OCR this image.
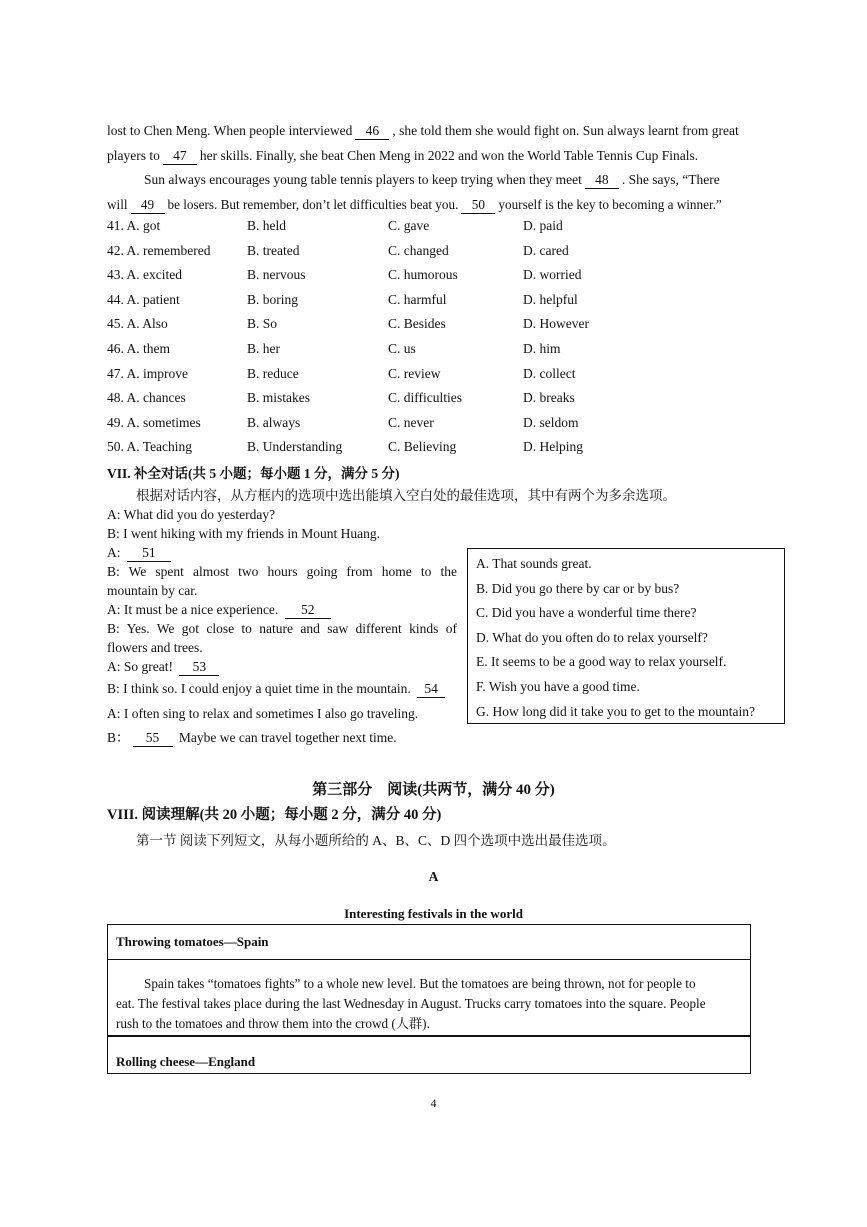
lost to Chen Meng. When people interviewed 46 , she told them she would fight on. Sun always learnt from great
players to 47 her skills. Finally, she beat Chen Meng in 2022 and won the World Table Tennis Cup Finals.
Sun always encourages young table tennis players to keep trying when they meet 48 . She says, “There
will 49 be losers. But remember, don’t let difficulties beat you. 50 yourself is the key to becoming a winner.”
41. A. got	B. held	C. gave	D. paid
42. A. remembered	B. treated	C. changed	D. cared
43. A. excited	B. nervous	C. humorous	D. worried
44. A. patient	B. boring	C. harmful	D. helpful
45. A. Also	B. So	C. Besides	D. However
46. A. them	B. her	C. us	D. him
47. A. improve	B. reduce	C. review	D. collect
48. A. chances	B. mistakes	C. difficulties	D. breaks
49. A. sometimes	B. always	C. never	D. seldom
50. A. Teaching	B. Understanding	C. Believing	D. Helping
VII. 补全对话(共 5 小题；每小题 1 分，满分 5 分)
根据对话内容，从方框内的选项中选出能填入空白处的最佳选项，其中有两个为多余选项。
A: What did you do yesterday?
B: I went hiking with my friends in Mount Huang.
A: 51
B: We spent almost two hours going from home to the
mountain by car.
A: It must be a nice experience. 52
B: Yes. We got close to nature and saw different kinds of
flowers and trees.
A: So great! 53
B: I think so. I could enjoy a quiet time in the mountain. 54
A: I often sing to relax and sometimes I also go traveling.
B： 55 Maybe we can travel together next time.
A. That sounds great.
B. Did you go there by car or by bus?
C. Did you have a wonderful time there?
D. What do you often do to relax yourself?
E. It seems to be a good way to relax yourself.
F. Wish you have a good time.
G. How long did it take you to get to the mountain?
第三部分　阅读(共两节，满分 40 分)
VIII. 阅读理解(共 20 小题；每小题 2 分，满分 40 分)
第一节 阅读下列短文，从每小题所给的 A、B、C、D 四个选项中选出最佳选项。
A
Interesting festivals in the world
Throwing tomatoes—Spain
Spain takes “tomatoes fights” to a whole new level. But the tomatoes are being thrown, not for people to
eat. The festival takes place during the last Wednesday in August. Trucks carry tomatoes into the square. People
rush to the tomatoes and throw them into the crowd (人群).
Rolling cheese—England
4
